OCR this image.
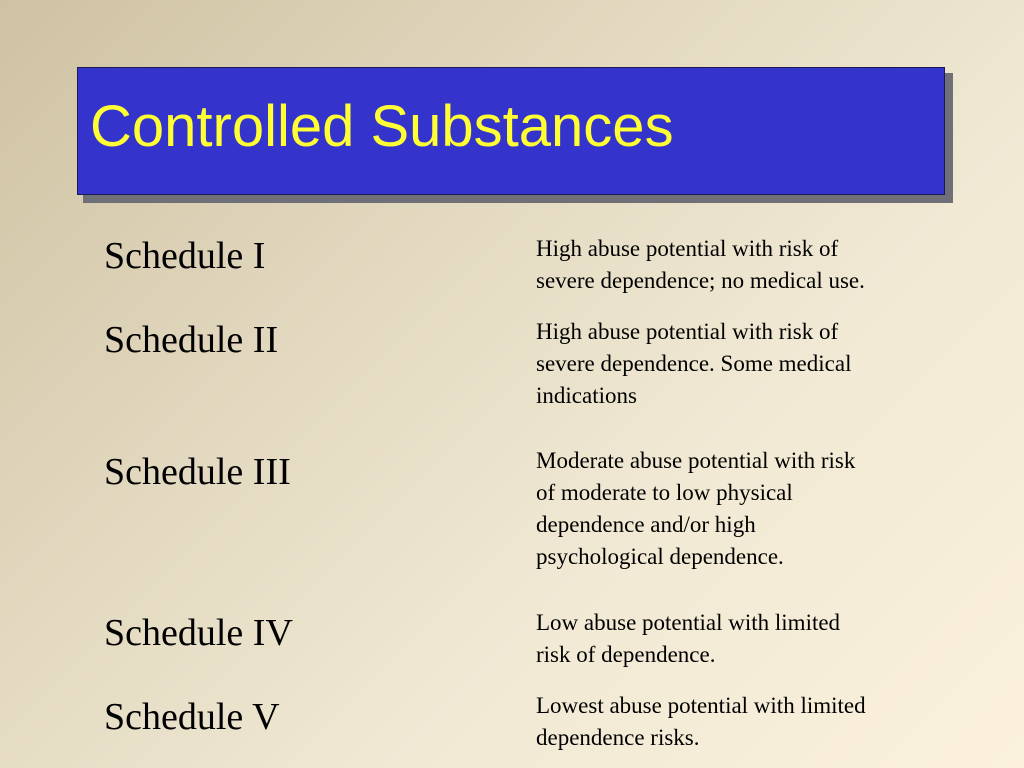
Controlled Substances
Schedule I	High abuse potential with risk of
severe dependence; no medical use.
Schedule II	High abuse potential with risk of
severe dependence. Some medical
indications
Schedule III	Moderate abuse potential with risk
of moderate to low physical
dependence and/or high
psychological dependence.
Schedule IV	Low abuse potential with limited
risk of dependence.
Schedule V	Lowest abuse potential with limited
dependence risks.
